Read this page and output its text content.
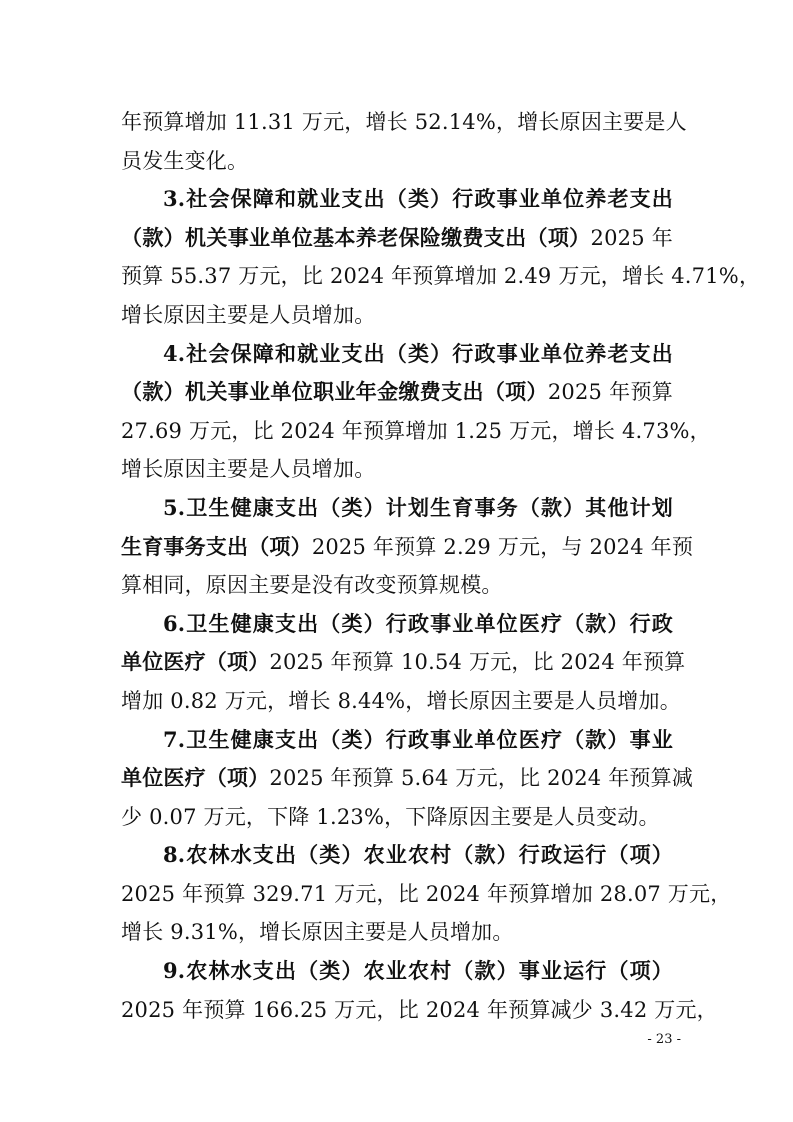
年预算增加 11.31 万元，增长 52.14%，增长原因主要是人
员发生变化。
3.社会保障和就业支出（类）行政事业单位养老支出
（款）机关事业单位基本养老保险缴费支出（项）2025 年
预算 55.37 万元，比 2024 年预算增加 2.49 万元，增长 4.71%，
增长原因主要是人员增加。
4.社会保障和就业支出（类）行政事业单位养老支出
（款）机关事业单位职业年金缴费支出（项）2025 年预算
27.69 万元，比 2024 年预算增加 1.25 万元，增长 4.73%，
增长原因主要是人员增加。
5.卫生健康支出（类）计划生育事务（款）其他计划
生育事务支出（项）2025 年预算 2.29 万元，与 2024 年预
算相同，原因主要是没有改变预算规模。
6.卫生健康支出（类）行政事业单位医疗（款）行政
单位医疗（项）2025 年预算 10.54 万元，比 2024 年预算
增加 0.82 万元，增长 8.44%，增长原因主要是人员增加。
7.卫生健康支出（类）行政事业单位医疗（款）事业
单位医疗（项）2025 年预算 5.64 万元，比 2024 年预算减
少 0.07 万元，下降 1.23%，下降原因主要是人员变动。
8.农林水支出（类）农业农村（款）行政运行（项）
2025 年预算 329.71 万元，比 2024 年预算增加 28.07 万元，
增长 9.31%，增长原因主要是人员增加。
9.农林水支出（类）农业农村（款）事业运行（项）
2025 年预算 166.25 万元，比 2024 年预算减少 3.42 万元，
- 23 -
